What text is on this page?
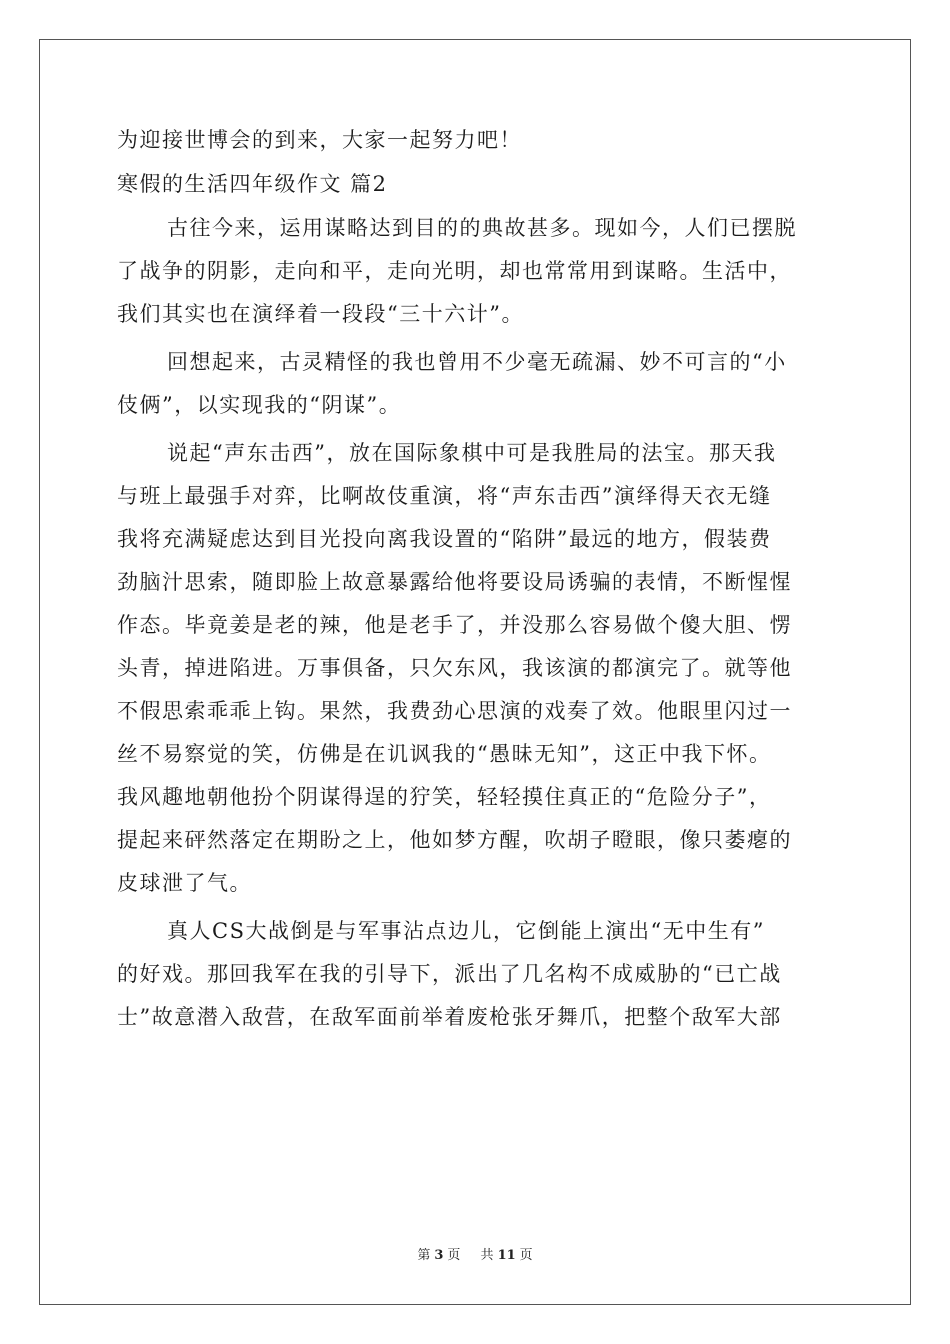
为迎接世博会的到来，大家一起努力吧！

寒假的生活四年级作文 篇2

古往今来，运用谋略达到目的的典故甚多。现如今，人们已摆脱

了战争的阴影，走向和平，走向光明，却也常常用到谋略。生活中，

我们其实也在演绎着一段段“三十六计”。

回想起来，古灵精怪的我也曾用不少毫无疏漏、妙不可言的“小

伎俩”，以实现我的“阴谋”。

说起“声东击西”，放在国际象棋中可是我胜局的法宝。那天我

与班上最强手对弈，比啊故伎重演，将“声东击西”演绎得天衣无缝

我将充满疑虑达到目光投向离我设置的“陷阱”最远的地方，假装费

劲脑汁思索，随即脸上故意暴露给他将要设局诱骗的表情，不断惺惺

作态。毕竟姜是老的辣，他是老手了，并没那么容易做个傻大胆、愣

头青，掉进陷进。万事俱备，只欠东风，我该演的都演完了。就等他

不假思索乖乖上钩。果然，我费劲心思演的戏奏了效。他眼里闪过一

丝不易察觉的笑，仿佛是在讥讽我的“愚昧无知”，这正中我下怀。

我风趣地朝他扮个阴谋得逞的狞笑，轻轻摸住真正的“危险分子”，

提起来砰然落定在期盼之上，他如梦方醒，吹胡子瞪眼，像只萎瘪的

皮球泄了气。

真人CS大战倒是与军事沾点边儿，它倒能上演出“无中生有”

的好戏。那回我军在我的引导下，派出了几名构不成威胁的“已亡战

士”故意潜入敌营，在敌军面前举着废枪张牙舞爪，把整个敌军大部

第 3 页 共 11 页
